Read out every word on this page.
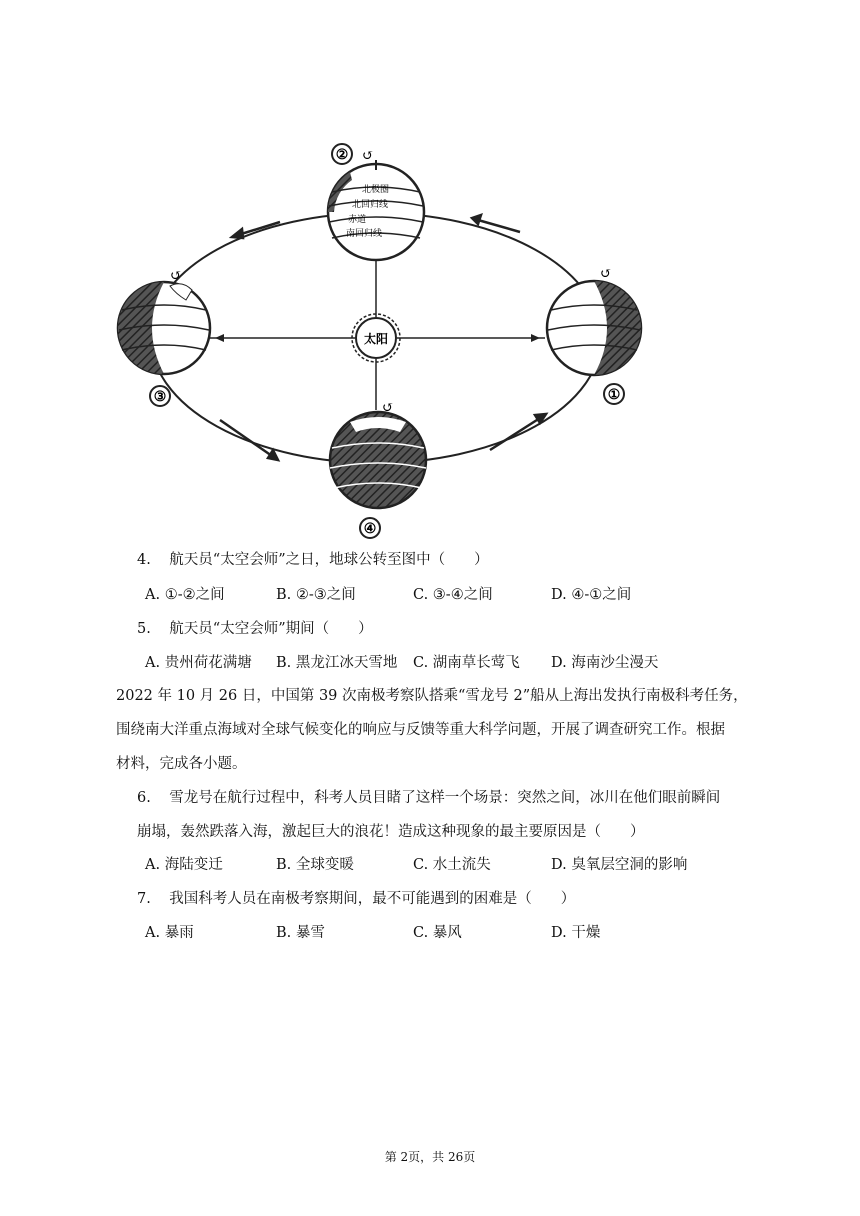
太阳
北极圈
北回归线
赤道
南回归线
② ↺
↺
③
↺
①
↺
④
4. 航天员“太空会师”之日，地球公转至图中（　　）
A. ①-②之间	B. ②-③之间	C. ③-④之间	D. ④-①之间
5. 航天员“太空会师”期间（　　）
A. 贵州荷花满塘 B. 黑龙江冰天雪地 C. 湖南草长莺飞 D. 海南沙尘漫天
2022 年 10 月 26 日，中国第 39 次南极考察队搭乘“雪龙号 2”船从上海出发执行南极科考任务，
围绕南大洋重点海域对全球气候变化的响应与反馈等重大科学问题，开展了调查研究工作。根据
材料，完成各小题。
6. 雪龙号在航行过程中，科考人员目睹了这样一个场景：突然之间，冰川在他们眼前瞬间
崩塌，轰然跌落入海，激起巨大的浪花！造成这种现象的最主要原因是（　　）
A. 海陆变迁	B. 全球变暖	C. 水土流失	D. 臭氧层空洞的影响
7. 我国科考人员在南极考察期间，最不可能遇到的困难是（　　）
A. 暴雨	B. 暴雪	C. 暴风	D. 干燥
第 2页，共 26页
